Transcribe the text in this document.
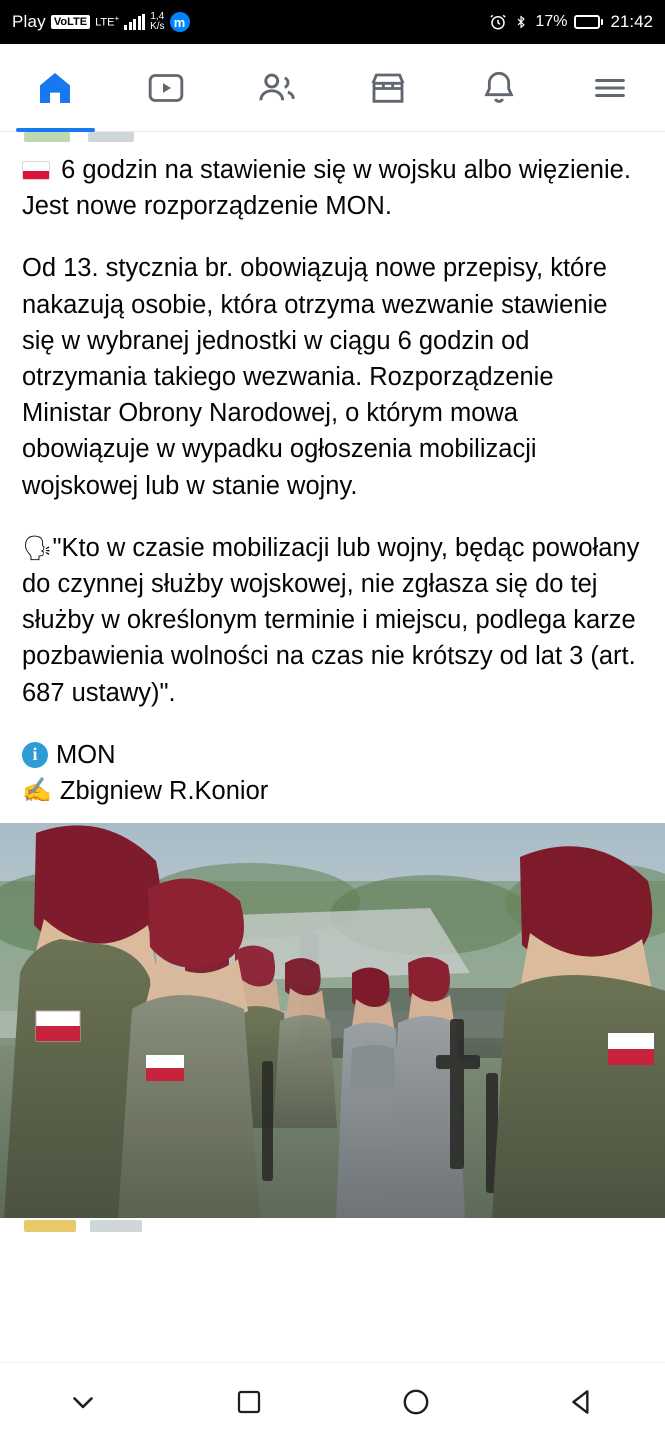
Play VoLTE LTE+	1,4
K/s m	17%	21:42

6 godzin na stawienie się w wojsku albo więzienie. Jest nowe rozporządzenie MON.

Od 13. stycznia br. obowiązują nowe przepisy, które nakazują osobie, która otrzyma wezwanie stawienie się w wybranej jednostki w ciągu 6 godzin od otrzymania takiego wezwania. Rozporządzenie Ministar Obrony Narodowej, o którym mowa obowiązuje w wypadku ogłoszenia mobilizacji wojskowej lub w stanie wojny.

🗣"Kto w czasie mobilizacji lub wojny, będąc powołany do czynnej służby wojskowej, nie zgłasza się do tej służby w określonym terminie i miejscu, podlega karze pozbawienia wolności na czas nie krótszy od lat 3 (art. 687 ustawy)".

i MON
✍ Zbigniew R.Konior
